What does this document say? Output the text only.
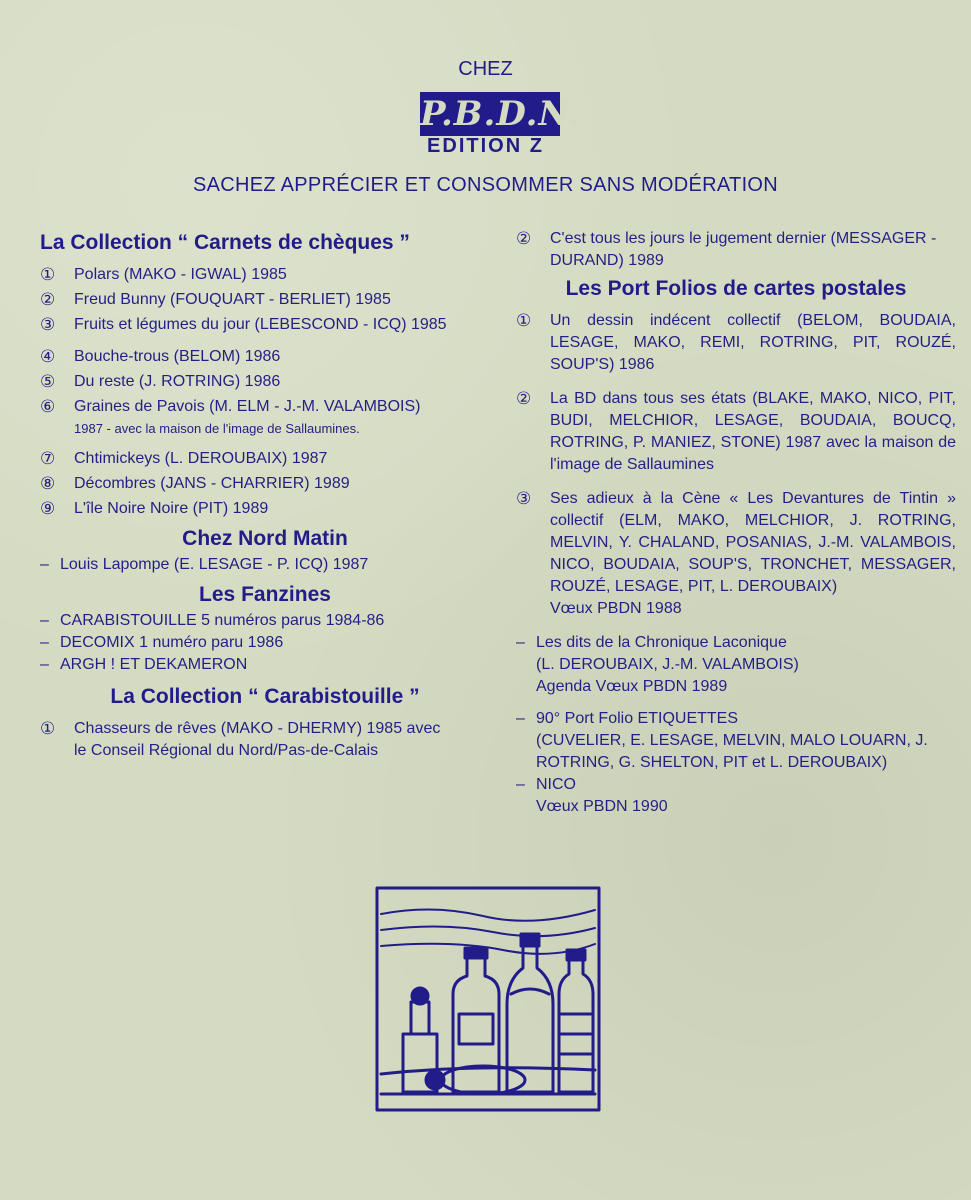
CHEZ
P.B.D.N.
EDITION Z
SACHEZ APPRÉCIER ET CONSOMMER SANS MODÉRATION
La Collection “ Carnets de chèques ”
①	Polars (MAKO - IGWAL) 1985
②	Freud Bunny (FOUQUART - BERLIET) 1985
③	Fruits et légumes du jour (LEBESCOND - ICQ) 1985
④	Bouche-trous (BELOM) 1986
⑤	Du reste (J. ROTRING) 1986
⑥	Graines de Pavois (M. ELM - J.-M. VALAMBOIS)
1987 - avec la maison de l'image de Sallaumines.
⑦	Chtimickeys (L. DEROUBAIX) 1987
⑧	Décombres (JANS - CHARRIER) 1989
⑨	L'île Noire Noire (PIT) 1989
Chez Nord Matin
– Louis Lapompe (E. LESAGE - P. ICQ) 1987
Les Fanzines
– CARABISTOUILLE 5 numéros parus 1984-86
– DECOMIX 1 numéro paru 1986
– ARGH ! ET DEKAMERON
La Collection “ Carabistouille ”
①	Chasseurs de rêves (MAKO - DHERMY) 1985 avec le Conseil Régional du Nord/Pas-de-Calais
②	C'est tous les jours le jugement dernier (MESSAGER - DURAND) 1989
Les Port Folios de cartes postales
①	Un dessin indécent collectif (BELOM, BOUDAIA, LESAGE, MAKO, REMI, ROTRING, PIT, ROUZÉ, SOUP'S) 1986
②	La BD dans tous ses états (BLAKE, MAKO, NICO, PIT, BUDI, MELCHIOR, LESAGE, BOUDAIA, BOUCQ, ROTRING, P. MANIEZ, STONE) 1987 avec la maison de l'image de Sallaumines
③	Ses adieux à la Cène « Les Devantures de Tintin » collectif (ELM, MAKO, MELCHIOR, J. ROTRING, MELVIN, Y. CHALAND, POSANIAS, J.-M. VALAMBOIS, NICO, BOUDAIA, SOUP'S, TRONCHET, MESSAGER, ROUZÉ, LESAGE, PIT, L. DEROUBAIX)
Vœux PBDN 1988
– Les dits de la Chronique Laconique
(L. DEROUBAIX, J.-M. VALAMBOIS)
Agenda Vœux PBDN 1989
– 90° Port Folio ETIQUETTES
(CUVELIER, E. LESAGE, MELVIN, MALO LOUARN, J. ROTRING, G. SHELTON, PIT et L. DEROUBAIX)
– NICO
Vœux PBDN 1990
